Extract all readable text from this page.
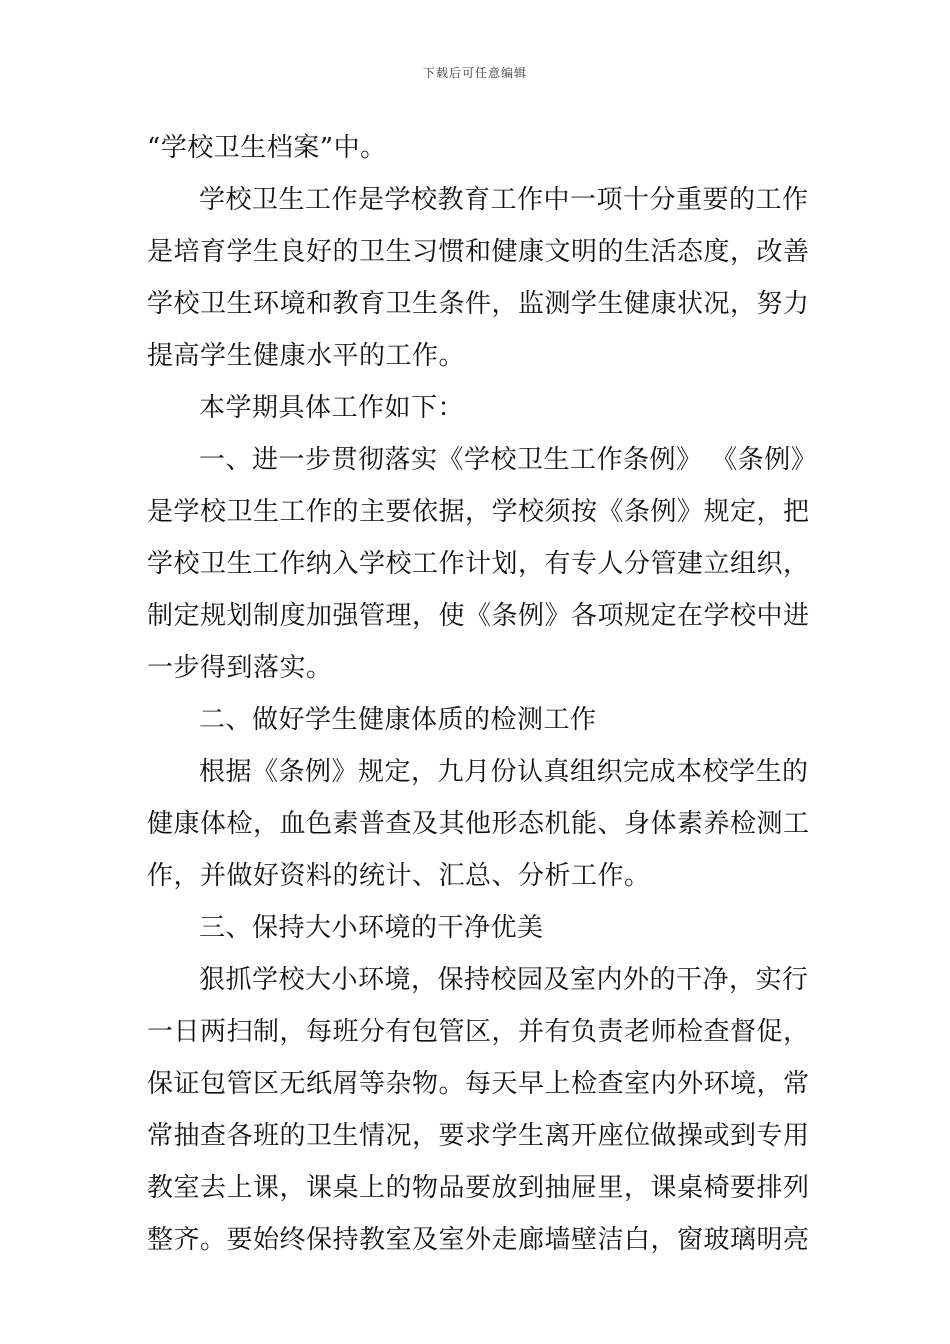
下载后可任意编辑
“学校卫生档案”中。
学校卫生工作是学校教育工作中一项十分重要的工作
是培育学生良好的卫生习惯和健康文明的生活态度，改善
学校卫生环境和教育卫生条件，监测学生健康状况，努力
提高学生健康水平的工作。
本学期具体工作如下：
一、进一步贯彻落实《学校卫生工作条例》 《条例》
是学校卫生工作的主要依据，学校须按《条例》规定，把
学校卫生工作纳入学校工作计划，有专人分管建立组织，
制定规划制度加强管理，使《条例》各项规定在学校中进
一步得到落实。
二、做好学生健康体质的检测工作
根据《条例》规定，九月份认真组织完成本校学生的
健康体检，血色素普查及其他形态机能、身体素养检测工
作，并做好资料的统计、汇总、分析工作。
三、保持大小环境的干净优美
狠抓学校大小环境，保持校园及室内外的干净，实行
一日两扫制，每班分有包管区，并有负责老师检查督促，
保证包管区无纸屑等杂物。每天早上检查室内外环境，常
常抽查各班的卫生情况，要求学生离开座位做操或到专用
教室去上课，课桌上的物品要放到抽屉里，课桌椅要排列
整齐。要始终保持教室及室外走廊墙壁洁白，窗玻璃明亮
